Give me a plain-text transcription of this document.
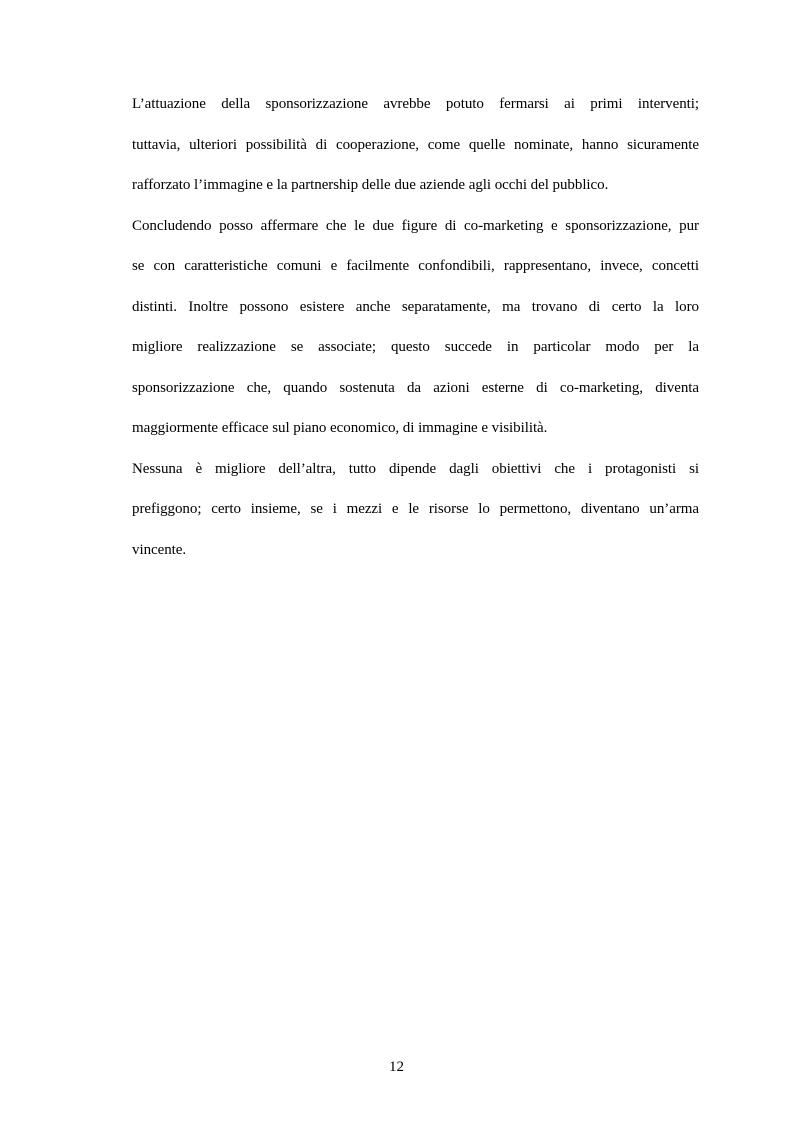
L’attuazione della sponsorizzazione avrebbe potuto fermarsi ai primi interventi;
tuttavia, ulteriori possibilità di cooperazione, come quelle nominate, hanno sicuramente
rafforzato l’immagine e la partnership delle due aziende agli occhi del pubblico.
Concludendo posso affermare che le due figure di co-marketing e sponsorizzazione, pur
se con caratteristiche comuni e facilmente confondibili, rappresentano, invece, concetti
distinti. Inoltre possono esistere anche separatamente, ma trovano di certo la loro
migliore realizzazione se associate; questo succede in particolar modo per la
sponsorizzazione che, quando sostenuta da azioni esterne di co-marketing, diventa
maggiormente efficace sul piano economico, di immagine e visibilità.
Nessuna è migliore dell’altra, tutto dipende dagli obiettivi che i protagonisti si
prefiggono; certo insieme, se i mezzi e le risorse lo permettono, diventano un’arma
vincente.

12
